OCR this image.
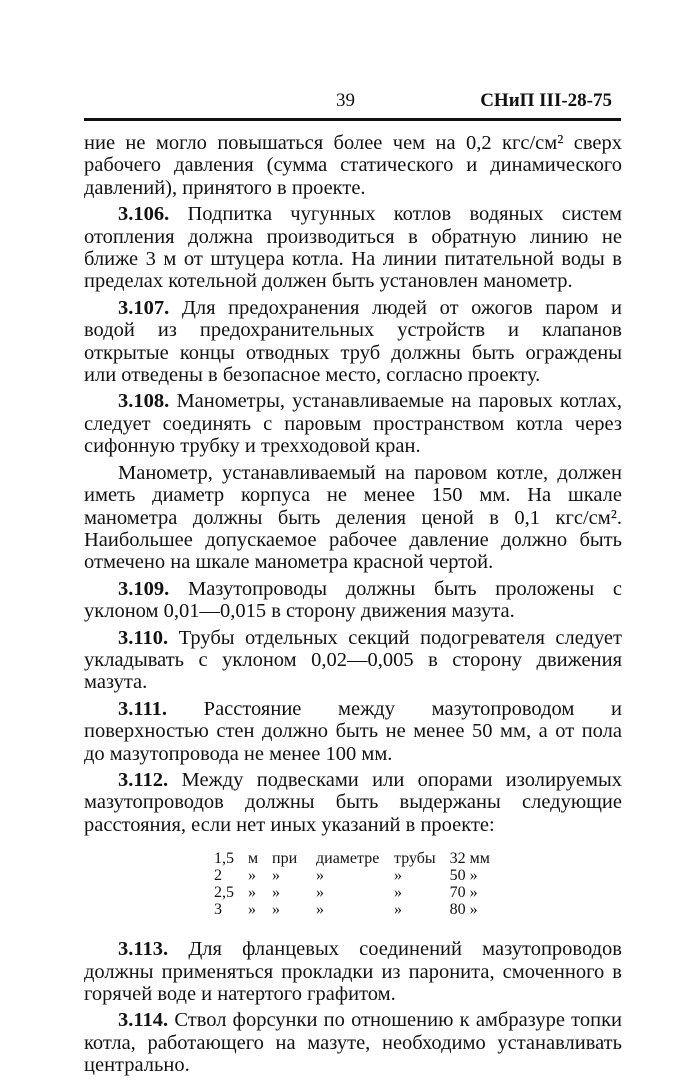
39	СНиП III-28-75

ние не могло повышаться более чем на 0,2 кгс/см² сверх рабочего давления (сумма статического и динамического давлений), принятого в проекте.

3.106. Подпитка чугунных котлов водяных систем отопления должна производиться в обратную линию не ближе 3 м от штуцера котла. На линии питательной воды в пределах котельной должен быть установлен манометр.

3.107. Для предохранения людей от ожогов паром и водой из предохранительных устройств и клапанов открытые концы отводных труб должны быть ограждены или отведены в безопасное место, согласно проекту.

3.108. Манометры, устанавливаемые на паровых котлах, следует соединять с паровым пространством котла через сифонную трубку и трехходовой кран.

Манометр, устанавливаемый на паровом котле, должен иметь диаметр корпуса не менее 150 мм. На шкале манометра должны быть деления ценой в 0,1 кгс/см². Наибольшее допускаемое рабочее давление должно быть отмечено на шкале манометра красной чертой.

3.109. Мазутопроводы должны быть проложены с уклоном 0,01—0,015 в сторону движения мазута.

3.110. Трубы отдельных секций подогревателя следует укладывать с уклоном 0,02—0,005 в сторону движения мазута.

3.111. Расстояние между мазутопроводом и поверхностью стен должно быть не менее 50 мм, а от пола до мазутопровода не менее 100 мм.

3.112. Между подвесками или опорами изолируемых мазутопроводов должны быть выдержаны следующие расстояния, если нет иных указаний в проекте:

1,5	м	при	диаметре	трубы	32	мм
2	»	»	»	»	50	»
2,5	»	»	»	»	70	»
3	»	»	»	»	80	»

3.113. Для фланцевых соединений мазутопроводов должны применяться прокладки из паронита, смоченного в горячей воде и натертого графитом.

3.114. Ствол форсунки по отношению к амбразуре топки котла, работающего на мазуте, необходимо устанавливать центрально.
